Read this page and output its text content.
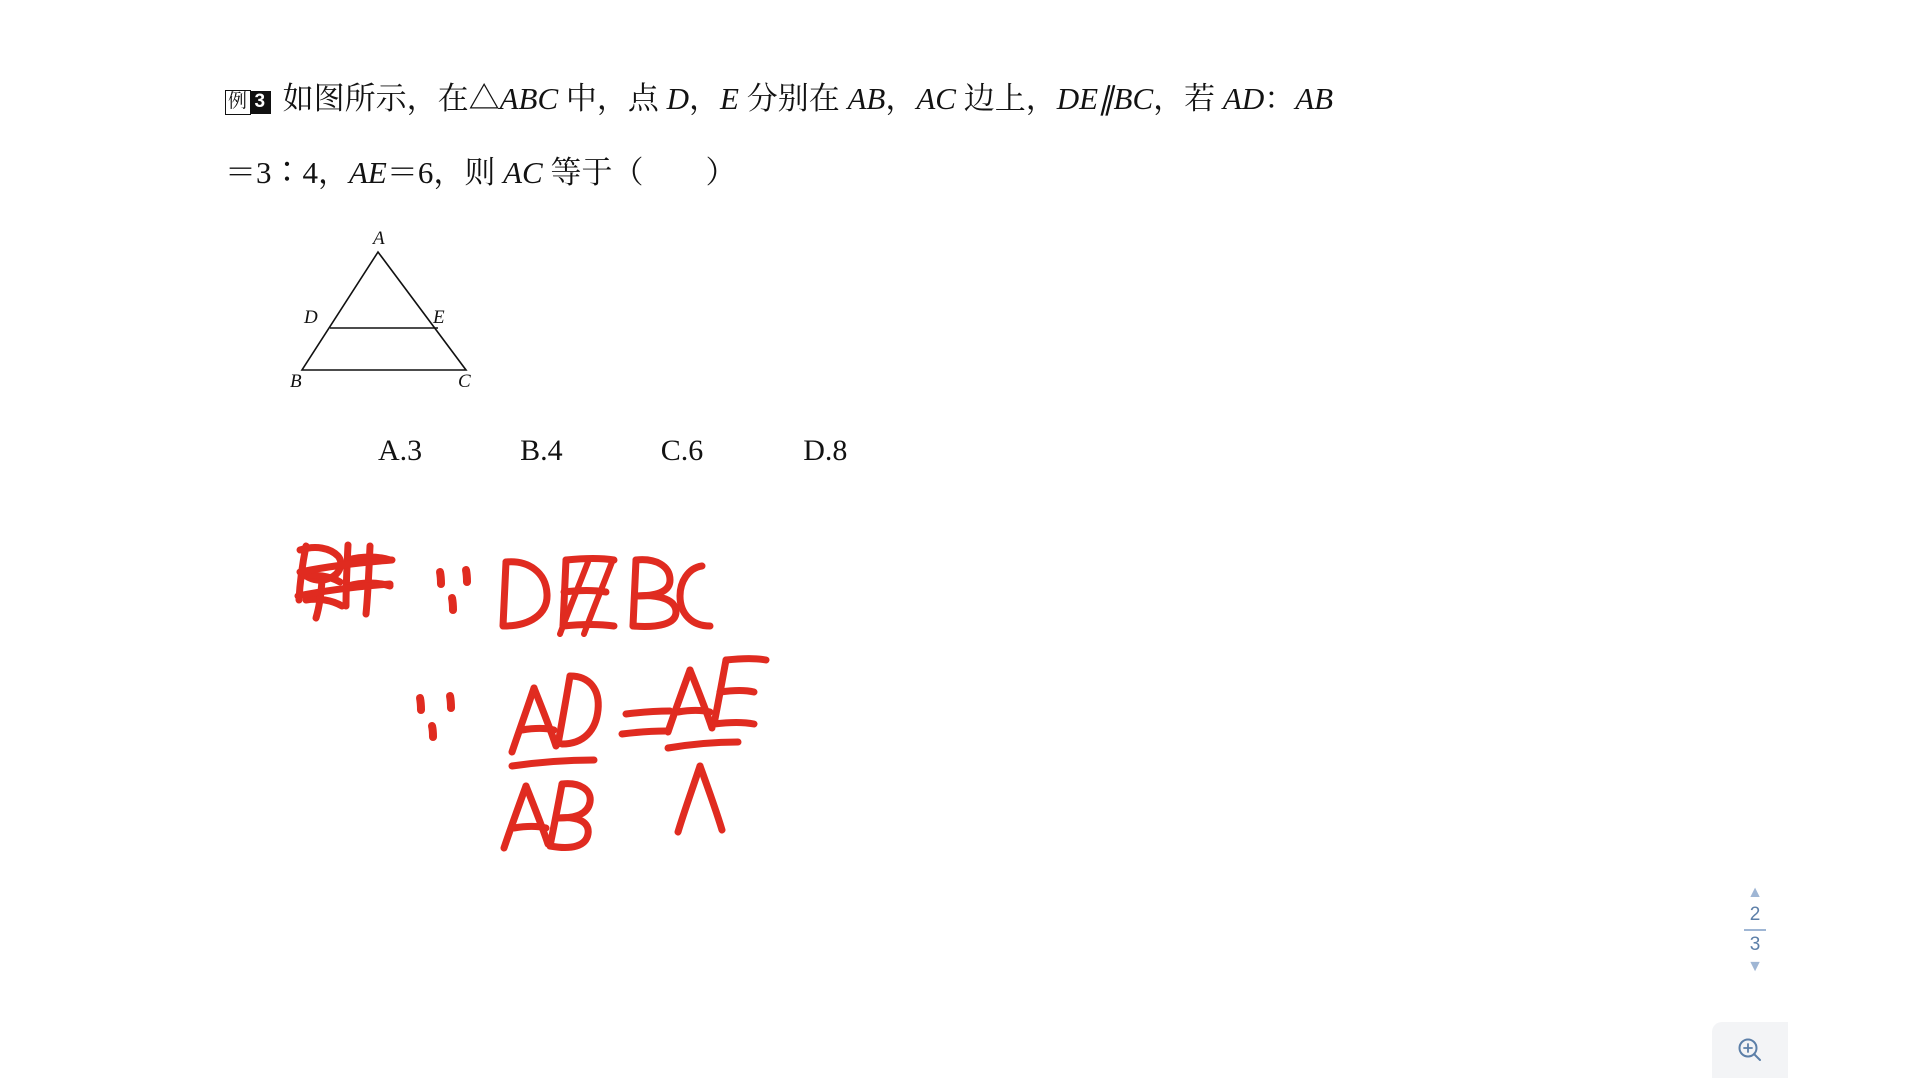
例 3 如图所示，在△ABC 中，点 D，E 分别在 AB，AC 边上，DE∥BC，若 AD：AB
＝3∶4，AE＝6，则 AC 等于（　　）
A
B	C
D	E
A.3	B.4	C.6	D.8
▲
2
3
▼
